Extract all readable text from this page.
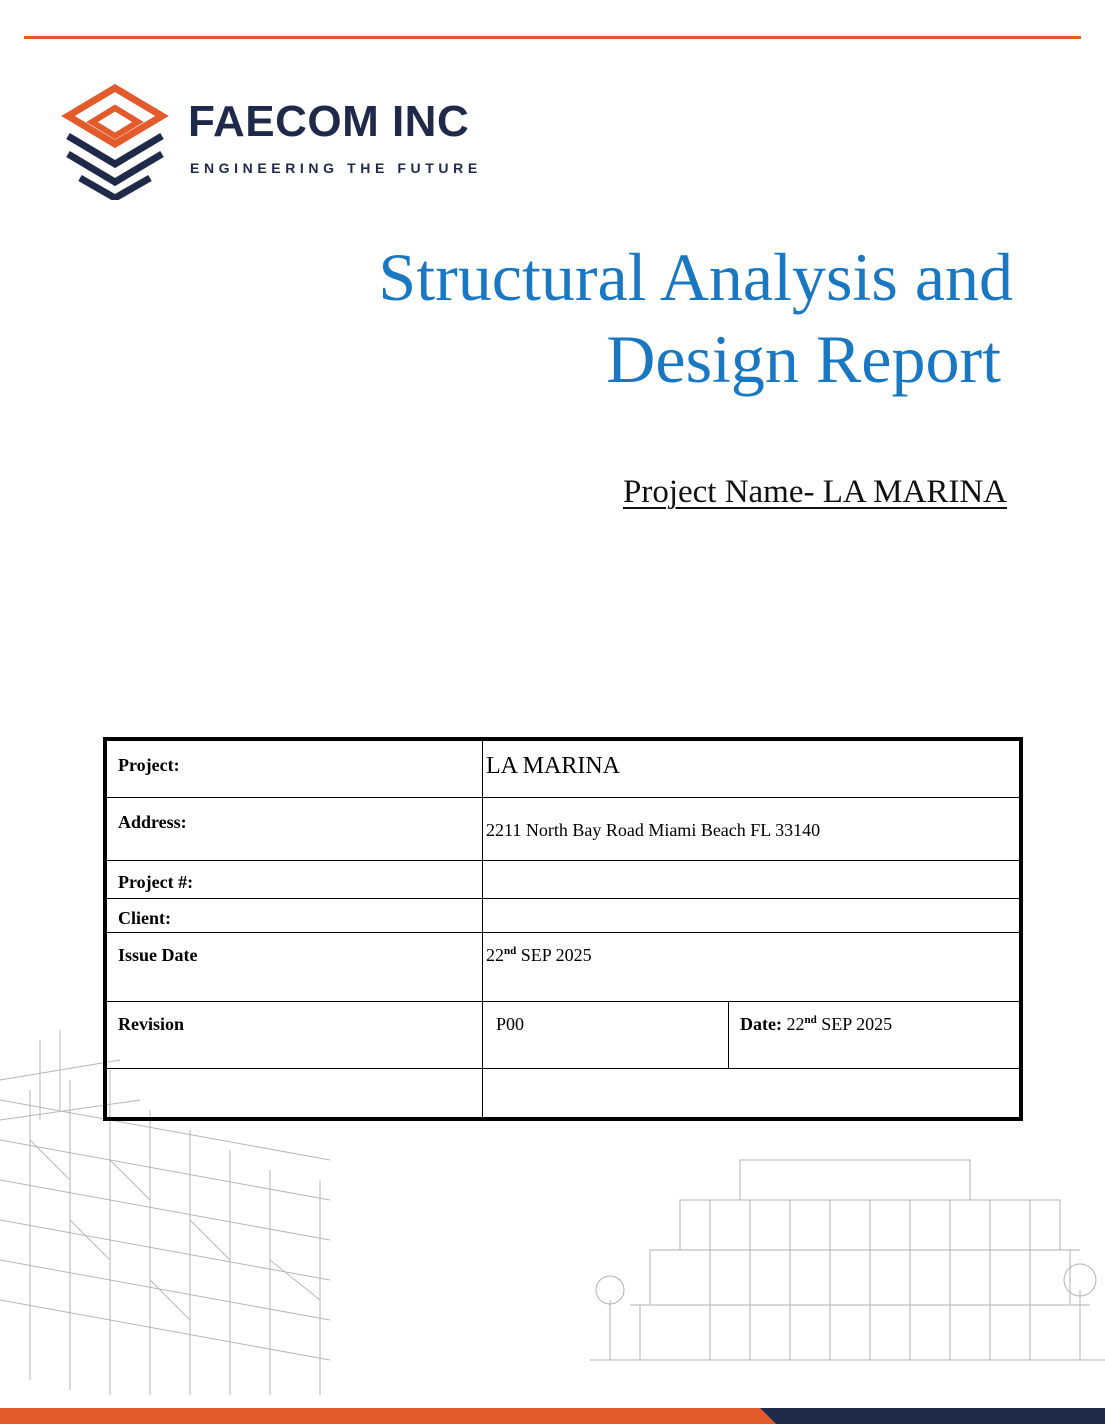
FAECOM INC
ENGINEERING THE FUTURE
Structural Analysis and

Design Report
Project Name- LA MARINA
Project:	LA MARINA	
Address:	2211 North Bay Road Miami Beach FL 33140	
Project #:		
Client:		
Issue Date	22nd SEP 2025	
Revision	P00	Date: 22nd SEP 2025
